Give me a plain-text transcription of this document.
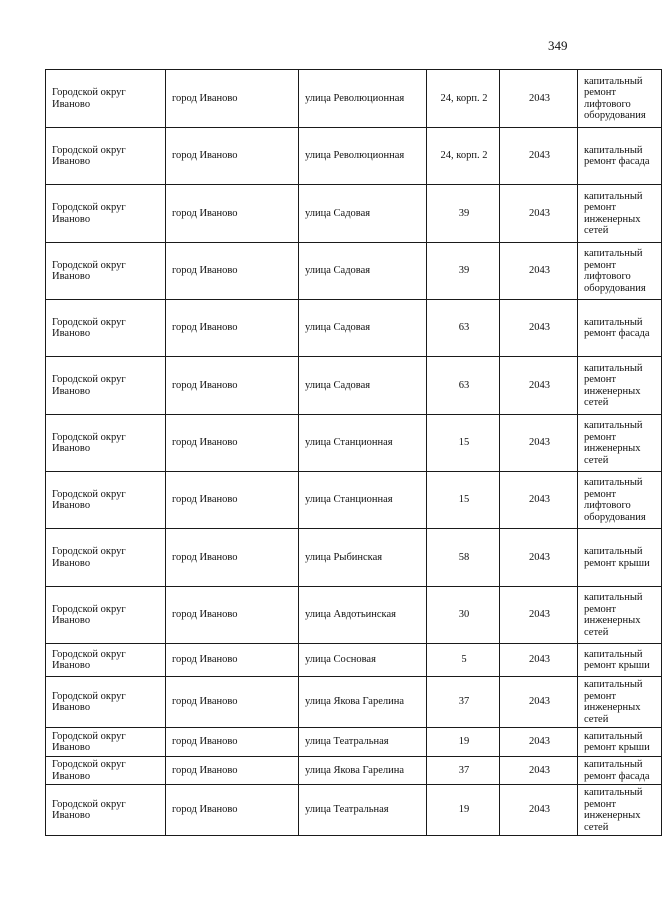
349
Городской округ Иваново	город Иваново	улица Революционная	24, корп. 2	2043	капитальный ремонт лифтового оборудования
Городской округ Иваново	город Иваново	улица Революционная	24, корп. 2	2043	капитальный ремонт фасада
Городской округ Иваново	город Иваново	улица Садовая	39	2043	капитальный ремонт инженерных сетей
Городской округ Иваново	город Иваново	улица Садовая	39	2043	капитальный ремонт лифтового оборудования
Городской округ Иваново	город Иваново	улица Садовая	63	2043	капитальный ремонт фасада
Городской округ Иваново	город Иваново	улица Садовая	63	2043	капитальный ремонт инженерных сетей
Городской округ Иваново	город Иваново	улица Станционная	15	2043	капитальный ремонт инженерных сетей
Городской округ Иваново	город Иваново	улица Станционная	15	2043	капитальный ремонт лифтового оборудования
Городской округ Иваново	город Иваново	улица Рыбинская	58	2043	капитальный ремонт крыши
Городской округ Иваново	город Иваново	улица Авдотьинская	30	2043	капитальный ремонт инженерных сетей
Городской округ Иваново	город Иваново	улица Сосновая	5	2043	капитальный ремонт крыши
Городской округ Иваново	город Иваново	улица Якова Гарелина	37	2043	капитальный ремонт инженерных сетей
Городской округ Иваново	город Иваново	улица Театральная	19	2043	капитальный ремонт крыши
Городской округ Иваново	город Иваново	улица Якова Гарелина	37	2043	капитальный ремонт фасада
Городской округ Иваново	город Иваново	улица Театральная	19	2043	капитальный ремонт инженерных сетей
